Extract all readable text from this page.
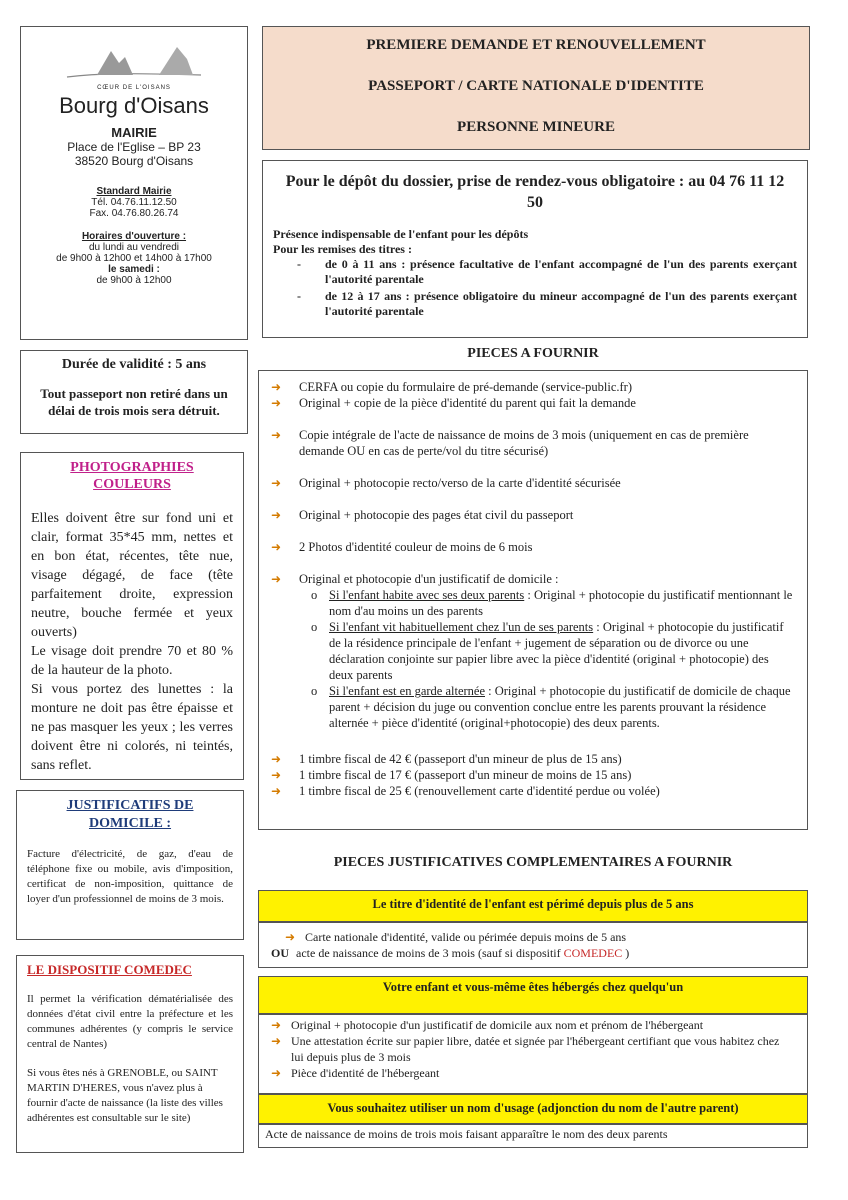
CŒUR DE L'OISANS
Bourg d'Oisans
MAIRIE
Place de l'Eglise – BP 23
38520 Bourg d'Oisans
Standard Mairie
Tél. 04.76.11.12.50
Fax. 04.76.80.26.74
Horaires d'ouverture :
du lundi au vendredi
de 9h00 à 12h00 et 14h00 à 17h00
le samedi :
de 9h00 à 12h00
PREMIERE DEMANDE ET RENOUVELLEMENT
PASSEPORT / CARTE NATIONALE D'IDENTITE
PERSONNE MINEURE
Pour le dépôt du dossier, prise de rendez-vous obligatoire : au 04 76 11 12 50
Présence indispensable de l'enfant pour les dépôts
Pour les remises des titres :
-	de 0 à 11 ans : présence facultative de l'enfant accompagné de l'un des parents exerçant l'autorité parentale
-	de 12 à 17 ans : présence obligatoire du mineur accompagné de l'un des parents exerçant l'autorité parentale
Durée de validité : 5 ans
Tout passeport non retiré dans un délai de trois mois sera détruit.
PHOTOGRAPHIES COULEURS
Elles doivent être sur fond uni et clair, format 35*45 mm, nettes et en bon état, récentes, tête nue, visage dégagé, de face (tête parfaitement droite, expression neutre, bouche fermée et yeux ouverts)
Le visage doit prendre 70 et 80 % de la hauteur de la photo.
Si vous portez des lunettes : la monture ne doit pas être épaisse et ne pas masquer les yeux ; les verres doivent être ni colorés, ni teintés, sans reflet.
JUSTIFICATIFS DE DOMICILE :
Facture d'électricité, de gaz, d'eau de téléphone fixe ou mobile, avis d'imposition, certificat de non-imposition, quittance de loyer d'un professionnel de moins de 3 mois.
LE DISPOSITIF COMEDEC
Il permet la vérification dématérialisée des données d'état civil entre la préfecture et les communes adhérentes (y compris le service central de Nantes)
Si vous êtes nés à GRENOBLE, ou SAINT MARTIN D'HERES, vous n'avez plus à fournir d'acte de naissance (la liste des villes adhérentes est consultable sur le site)
PIECES A FOURNIR
➜	CERFA ou copie du formulaire de pré-demande (service-public.fr)
➜	Original + copie de la pièce d'identité du parent qui fait la demande
➜	Copie intégrale de l'acte de naissance de moins de 3 mois (uniquement en cas de première demande OU en cas de perte/vol du titre sécurisé)
➜	Original + photocopie recto/verso de la carte d'identité sécurisée
➜	Original + photocopie des pages état civil du passeport
➜	2 Photos d'identité couleur de moins de 6 mois
➜	Original et photocopie d'un justificatif de domicile :
o Si l'enfant habite avec ses deux parents : Original + photocopie du justificatif mentionnant le nom d'au moins un des parents
o Si l'enfant vit habituellement chez l'un de ses parents : Original + photocopie du justificatif de la résidence principale de l'enfant + jugement de séparation ou de divorce ou une déclaration conjointe sur papier libre avec la pièce d'identité (original + photocopie) des deux parents
o Si l'enfant est en garde alternée : Original + photocopie du justificatif de domicile de chaque parent + décision du juge ou convention conclue entre les parents prouvant la résidence alternée + pièce d'identité (original+photocopie) des deux parents.
➜	1 timbre fiscal de 42 € (passeport d'un mineur de plus de 15 ans)
➜	1 timbre fiscal de 17 € (passeport d'un mineur de moins de 15 ans)
➜	1 timbre fiscal de 25 € (renouvellement carte d'identité perdue ou volée)
PIECES JUSTIFICATIVES COMPLEMENTAIRES A FOURNIR
Le titre d'identité de l'enfant est périmé depuis plus de 5 ans
➜ Carte nationale d'identité, valide ou périmée depuis moins de 5 ans
OU acte de naissance de moins de 3 mois (sauf si dispositif COMEDEC )
Votre enfant et vous-même êtes hébergés chez quelqu'un
➜ Original + photocopie d'un justificatif de domicile aux nom et prénom de l'hébergeant
➜ Une attestation écrite sur papier libre, datée et signée par l'hébergeant certifiant que vous habitez chez lui depuis plus de 3 mois
➜ Pièce d'identité de l'hébergeant
Vous souhaitez utiliser un nom d'usage (adjonction du nom de l'autre parent)
Acte de naissance de moins de trois mois faisant apparaître le nom des deux parents
